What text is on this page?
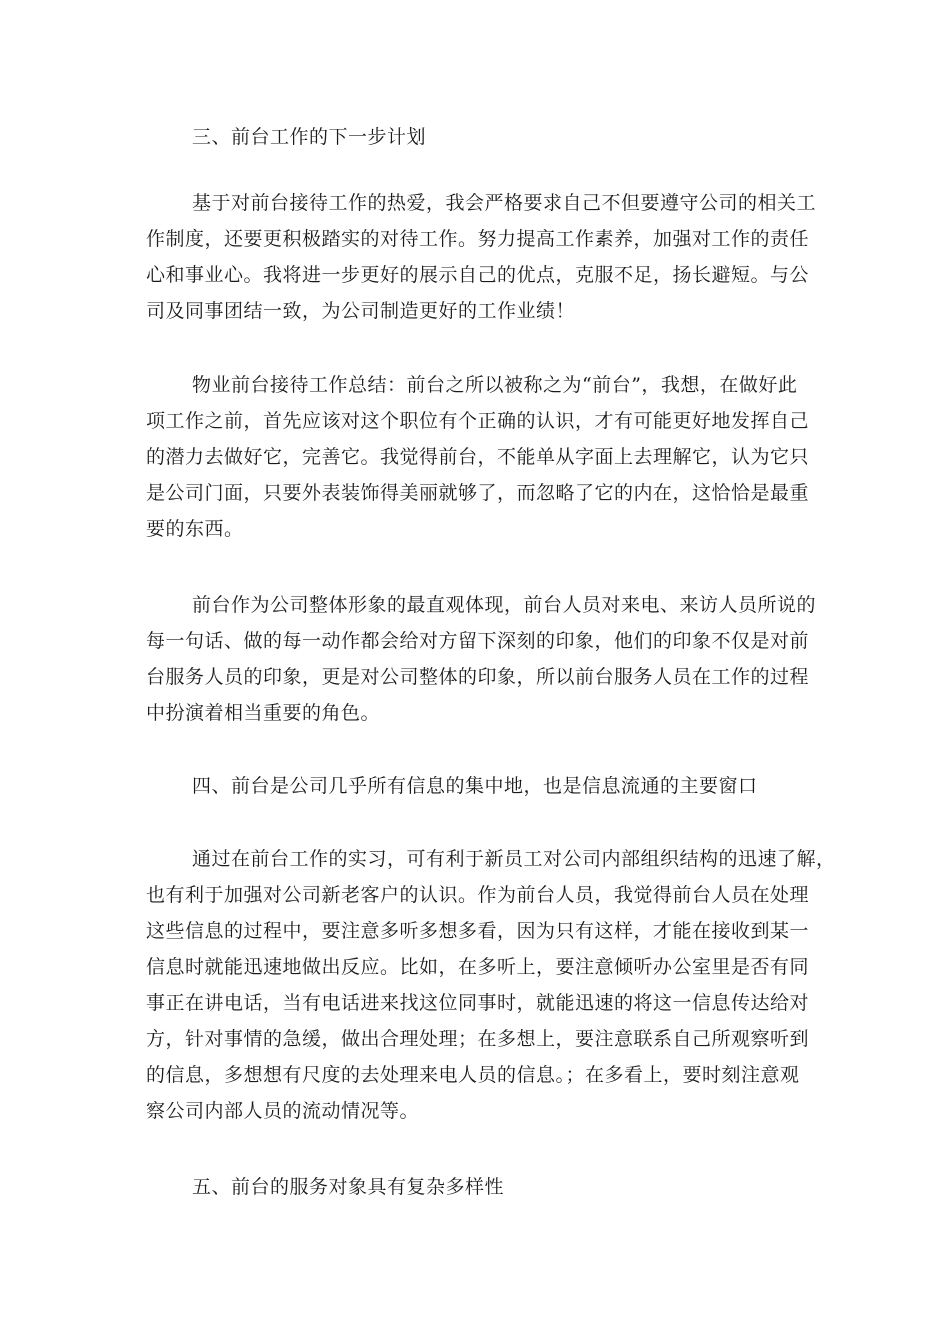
三、前台工作的下一步计划
基于对前台接待工作的热爱，我会严格要求自己不但要遵守公司的相关工
作制度，还要更积极踏实的对待工作。努力提高工作素养，加强对工作的责任
心和事业心。我将进一步更好的展示自己的优点，克服不足，扬长避短。与公
司及同事团结一致，为公司制造更好的工作业绩！
物业前台接待工作总结：前台之所以被称之为“前台”，我想，在做好此
项工作之前，首先应该对这个职位有个正确的认识，才有可能更好地发挥自己
的潜力去做好它，完善它。我觉得前台，不能单从字面上去理解它，认为它只
是公司门面，只要外表装饰得美丽就够了，而忽略了它的内在，这恰恰是最重
要的东西。
前台作为公司整体形象的最直观体现，前台人员对来电、来访人员所说的
每一句话、做的每一动作都会给对方留下深刻的印象，他们的印象不仅是对前
台服务人员的印象，更是对公司整体的印象，所以前台服务人员在工作的过程
中扮演着相当重要的角色。
四、前台是公司几乎所有信息的集中地，也是信息流通的主要窗口
通过在前台工作的实习，可有利于新员工对公司内部组织结构的迅速了解，
也有利于加强对公司新老客户的认识。作为前台人员，我觉得前台人员在处理
这些信息的过程中，要注意多听多想多看，因为只有这样，才能在接收到某一
信息时就能迅速地做出反应。比如，在多听上，要注意倾听办公室里是否有同
事正在讲电话，当有电话进来找这位同事时，就能迅速的将这一信息传达给对
方，针对事情的急缓，做出合理处理；在多想上，要注意联系自己所观察听到
的信息，多想想有尺度的去处理来电人员的信息。；在多看上，要时刻注意观
察公司内部人员的流动情况等。
五、前台的服务对象具有复杂多样性
